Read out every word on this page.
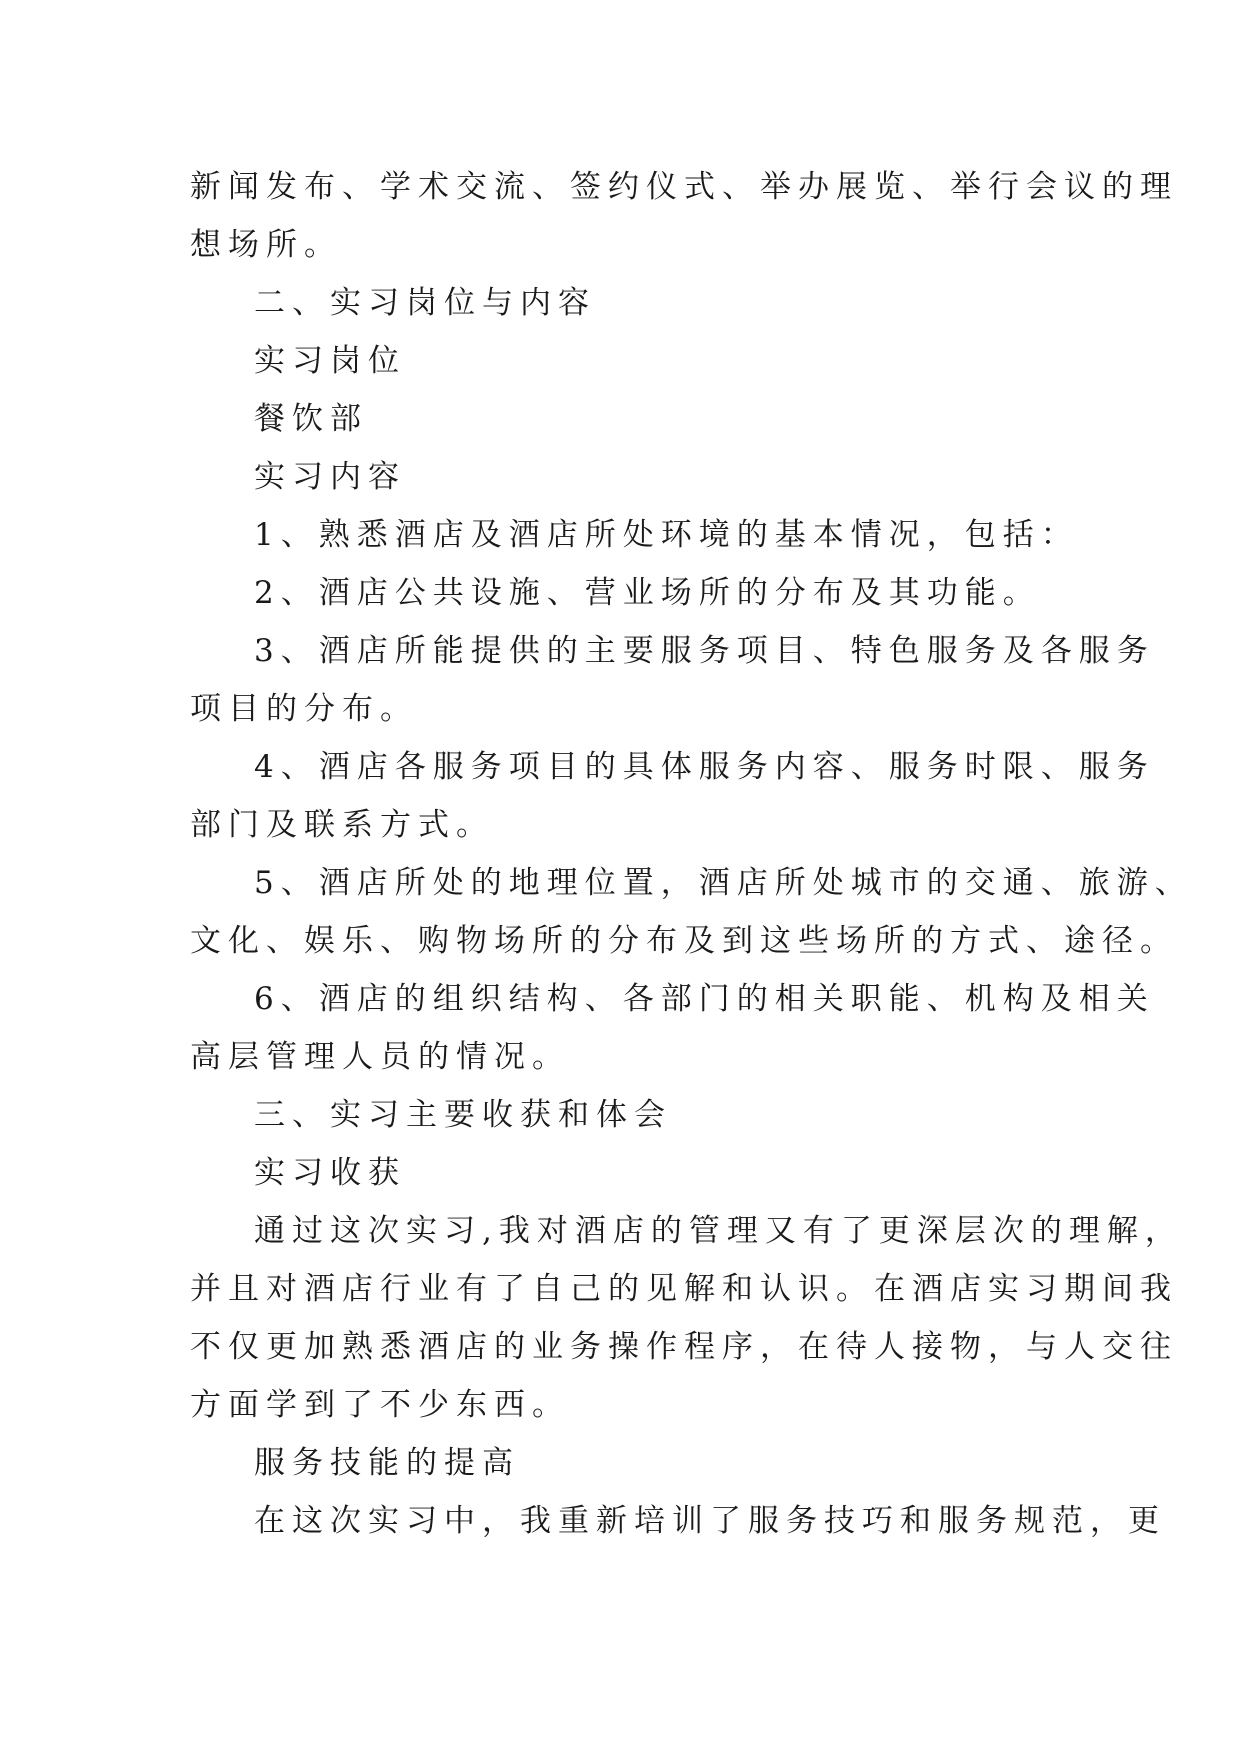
新闻发布、学术交流、签约仪式、举办展览、举行会议的理
想场所。
二、实习岗位与内容
实习岗位
餐饮部
实习内容
1、熟悉酒店及酒店所处环境的基本情况，包括：
2、酒店公共设施、营业场所的分布及其功能。
3、酒店所能提供的主要服务项目、特色服务及各服务
项目的分布。
4、酒店各服务项目的具体服务内容、服务时限、服务
部门及联系方式。
5、酒店所处的地理位置，酒店所处城市的交通、旅游、
文化、娱乐、购物场所的分布及到这些场所的方式、途径。
6、酒店的组织结构、各部门的相关职能、机构及相关
高层管理人员的情况。
三、实习主要收获和体会
实习收获
通过这次实习,我对酒店的管理又有了更深层次的理解，
并且对酒店行业有了自己的见解和认识。在酒店实习期间我
不仅更加熟悉酒店的业务操作程序，在待人接物，与人交往
方面学到了不少东西。
服务技能的提高
在这次实习中，我重新培训了服务技巧和服务规范，更
